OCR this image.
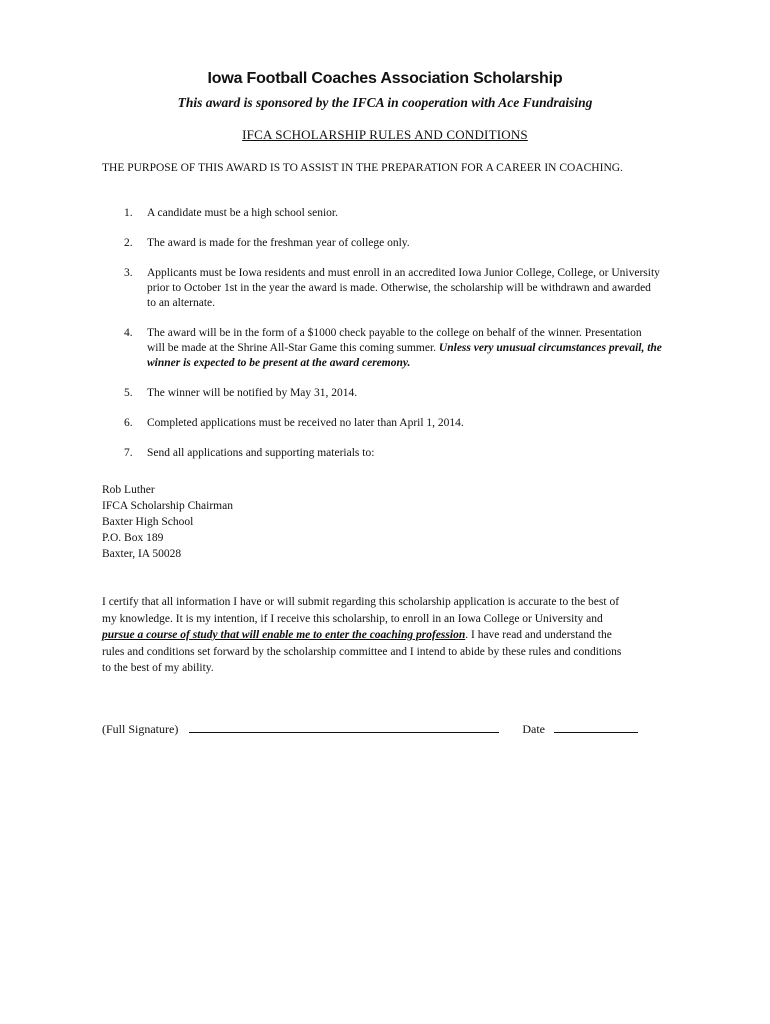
Iowa Football Coaches Association Scholarship
This award is sponsored by the IFCA in cooperation with Ace Fundraising
IFCA SCHOLARSHIP RULES AND CONDITIONS
THE PURPOSE OF THIS AWARD IS TO ASSIST IN THE PREPARATION FOR A CAREER IN COACHING.
1. A candidate must be a high school senior.
2. The award is made for the freshman year of college only.
3. Applicants must be Iowa residents and must enroll in an accredited Iowa Junior College, College, or University prior to October 1st in the year the award is made. Otherwise, the scholarship will be withdrawn and awarded to an alternate.
4. The award will be in the form of a $1000 check payable to the college on behalf of the winner. Presentation will be made at the Shrine All-Star Game this coming summer. Unless very unusual circumstances prevail, the winner is expected to be present at the award ceremony.
5. The winner will be notified by May 31, 2014.
6. Completed applications must be received no later than April 1, 2014.
7. Send all applications and supporting materials to:
Rob Luther
IFCA Scholarship Chairman
Baxter High School
P.O. Box 189
Baxter, IA 50028
I certify that all information I have or will submit regarding this scholarship application is accurate to the best of my knowledge. It is my intention, if I receive this scholarship, to enroll in an Iowa College or University and pursue a course of study that will enable me to enter the coaching profession. I have read and understand the rules and conditions set forward by the scholarship committee and I intend to abide by these rules and conditions to the best of my ability.
(Full Signature)	Date
